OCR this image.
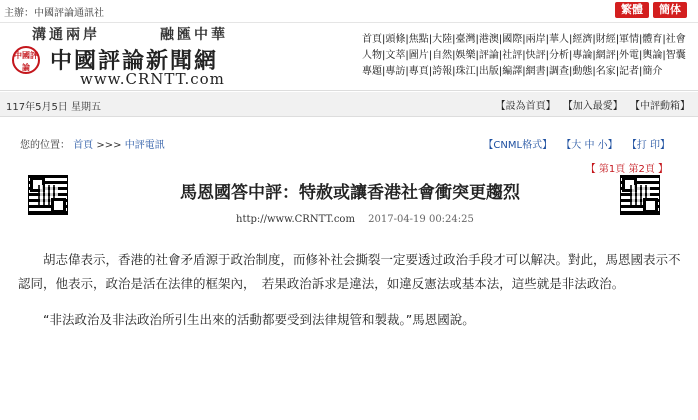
主辦：中國評論通訊社	繁體	簡体
溝通兩岸	融匯中華
中國評論 中國評論新聞網
www.CRNTT.com
首頁|頭條|焦點|大陸|臺灣|港澳|國際|兩岸|華人|經濟|財經|軍情|體育|社會
人物|文萃|圖片|自然|娛樂|評論|社評|快評|分析|專論|網評|外電|輿論|智囊
專題|專訪|專頁|誇報|珠江|出版|編譯|網書|調查|動態|名家|記者|簡介
117年5月5日 星期五	【設為首頁】 【加入最愛】 【中評動箱】
您的位置： 首頁 >>> 中評電訊	【CNML格式】 【大 中 小】 【打 印】
【 第1頁 第2頁 】
馬恩國答中評：特赦或讓香港社會衝突更趨烈
http://www.CRNTT.com 2017-04-19 00:24:25

胡志偉表示，香港的社會矛盾源于政治制度，而修补社会撕裂一定要透过政治手段才可以解决。對此，馬恩國表示不認同，他表示，政治是活在法律的框架內，　若果政治訴求是違法，如違反憲法或基本法，這些就是非法政治。

“非法政治及非法政治所引生出來的活動都要受到法律規管和製裁。”馬恩國說。
